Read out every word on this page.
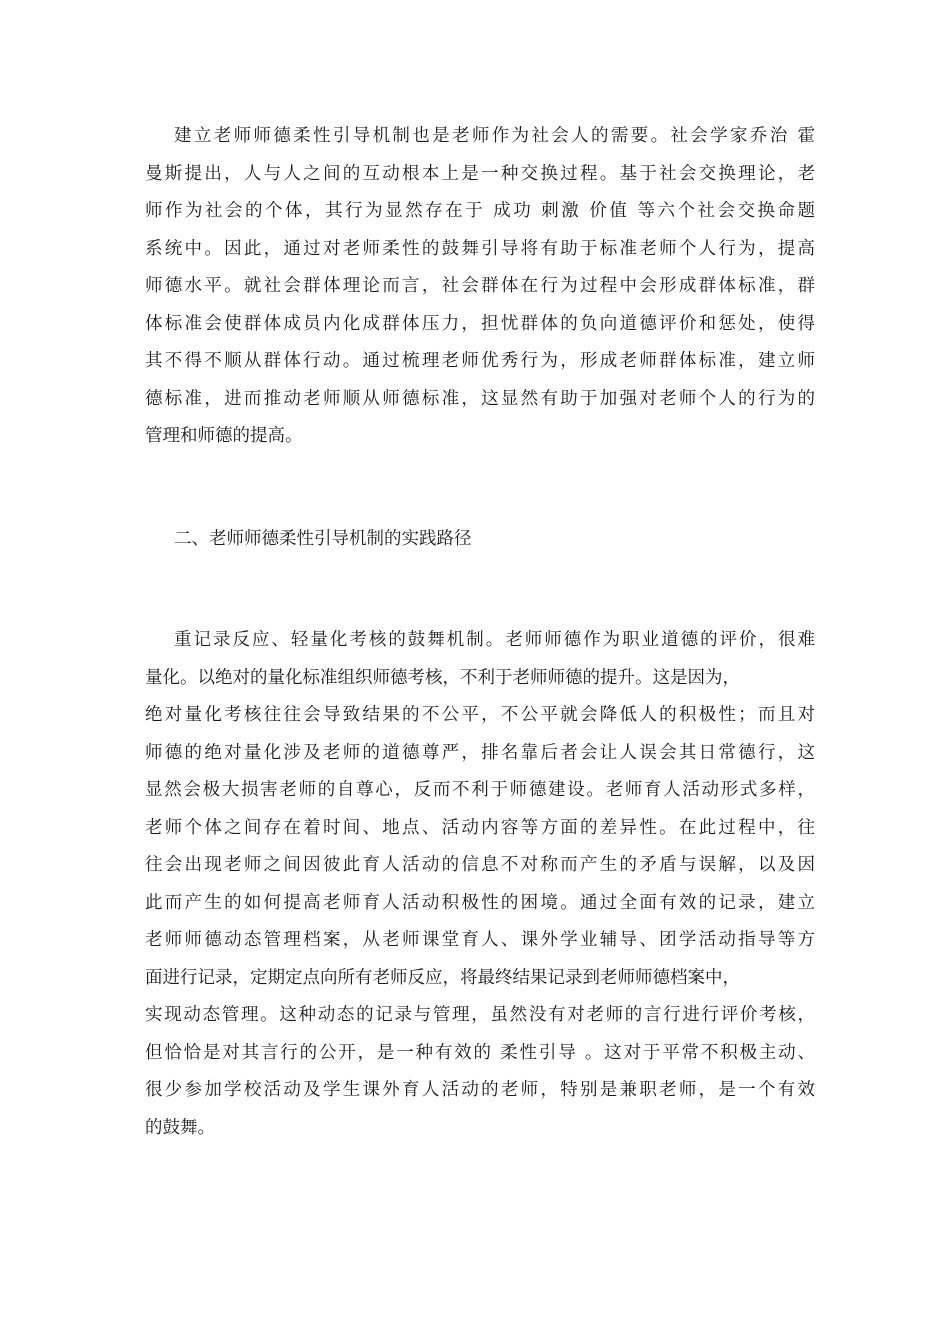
建立老师师德柔性引导机制也是老师作为社会人的需要。社会学家乔治 霍
曼斯提出，人与人之间的互动根本上是一种交换过程。基于社会交换理论，老
师作为社会的个体，其行为显然存在于 成功 刺激 价值 等六个社会交换命题
系统中。因此，通过对老师柔性的鼓舞引导将有助于标准老师个人行为，提高
师德水平。就社会群体理论而言，社会群体在行为过程中会形成群体标准，群
体标准会使群体成员内化成群体压力，担忧群体的负向道德评价和惩处，使得
其不得不顺从群体行动。通过梳理老师优秀行为，形成老师群体标准，建立师
德标准，进而推动老师顺从师德标准，这显然有助于加强对老师个人的行为的
管理和师德的提高。

二、老师师德柔性引导机制的实践路径

重记录反应、轻量化考核的鼓舞机制。老师师德作为职业道德的评价，很难
量化。以绝对的量化标准组织师德考核，不利于老师师德的提升。这是因为，
绝对量化考核往往会导致结果的不公平，不公平就会降低人的积极性；而且对
师德的绝对量化涉及老师的道德尊严，排名靠后者会让人误会其日常德行，这
显然会极大损害老师的自尊心，反而不利于师德建设。老师育人活动形式多样，
老师个体之间存在着时间、地点、活动内容等方面的差异性。在此过程中，往
往会出现老师之间因彼此育人活动的信息不对称而产生的矛盾与误解，以及因
此而产生的如何提高老师育人活动积极性的困境。通过全面有效的记录，建立
老师师德动态管理档案，从老师课堂育人、课外学业辅导、团学活动指导等方
面进行记录，定期定点向所有老师反应，将最终结果记录到老师师德档案中，
实现动态管理。这种动态的记录与管理，虽然没有对老师的言行进行评价考核，
但恰恰是对其言行的公开，是一种有效的 柔性引导 。这对于平常不积极主动、
很少参加学校活动及学生课外育人活动的老师，特别是兼职老师，是一个有效
的鼓舞。
